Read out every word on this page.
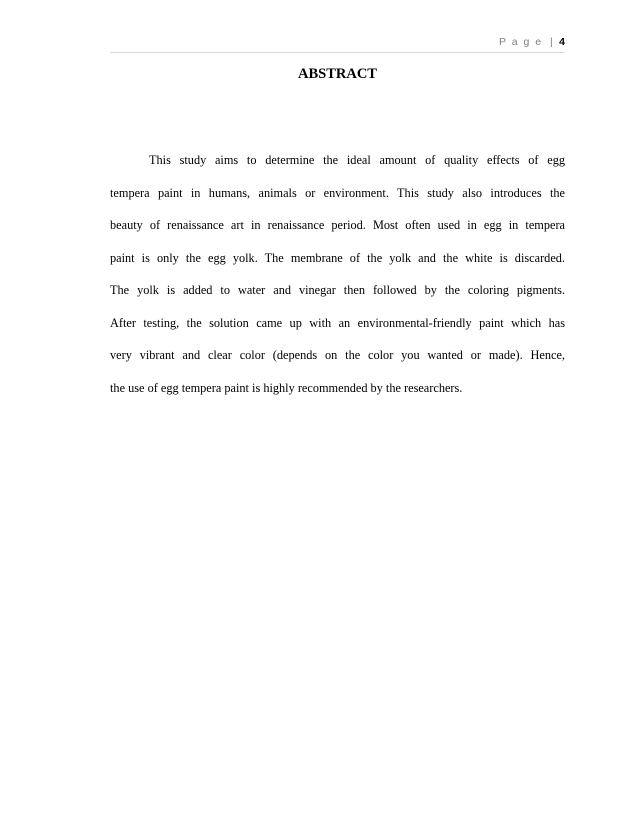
P a g e | 4
ABSTRACT
This study aims to determine the ideal amount of quality effects of egg
tempera paint in humans, animals or environment. This study also introduces the
beauty of renaissance art in renaissance period. Most often used in egg in tempera
paint is only the egg yolk. The membrane of the yolk and the white is discarded.
The yolk is added to water and vinegar then followed by the coloring pigments.
After testing, the solution came up with an environmental-friendly paint which has
very vibrant and clear color (depends on the color you wanted or made). Hence,
the use of egg tempera paint is highly recommended by the researchers.
